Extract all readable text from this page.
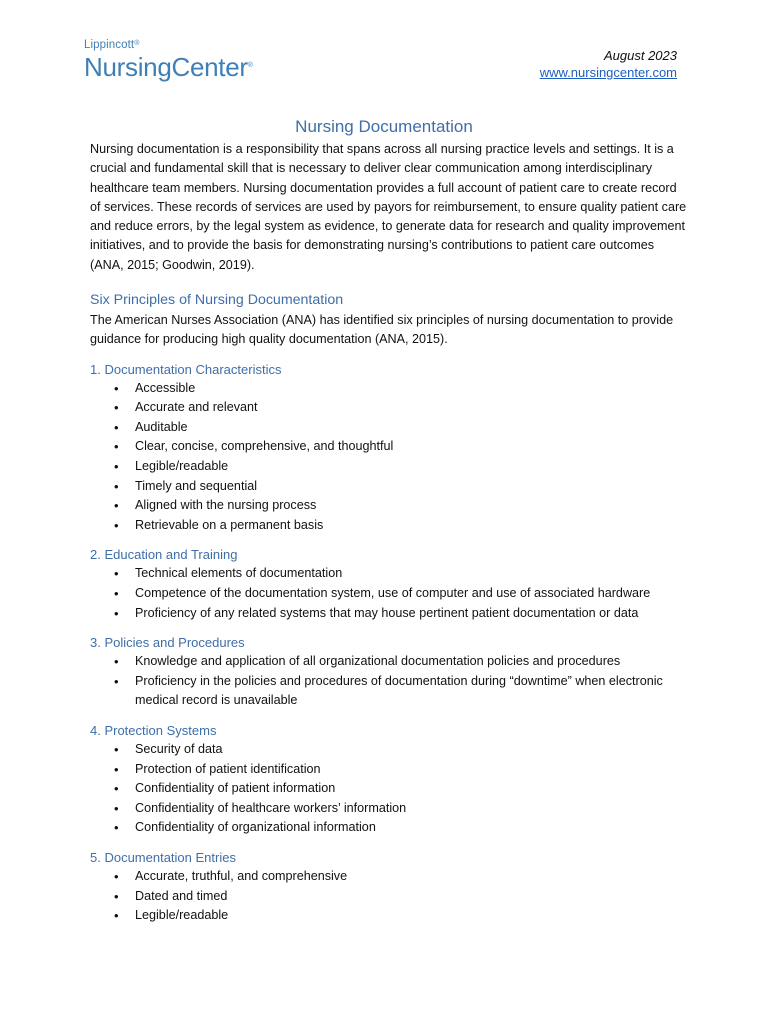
Lippincott®
NursingCenter®
August 2023
www.nursingcenter.com
Nursing Documentation

Nursing documentation is a responsibility that spans across all nursing practice levels and settings. It is a crucial and fundamental skill that is necessary to deliver clear communication among interdisciplinary healthcare team members. Nursing documentation provides a full account of patient care to create record of services. These records of services are used by payors for reimbursement, to ensure quality patient care and reduce errors, by the legal system as evidence, to generate data for research and quality improvement initiatives, and to provide the basis for demonstrating nursing’s contributions to patient care outcomes (ANA, 2015; Goodwin, 2019).

Six Principles of Nursing Documentation

The American Nurses Association (ANA) has identified six principles of nursing documentation to provide guidance for producing high quality documentation (ANA, 2015).

1. Documentation Characteristics
• Accessible
• Accurate and relevant
• Auditable
• Clear, concise, comprehensive, and thoughtful
• Legible/readable
• Timely and sequential
• Aligned with the nursing process
• Retrievable on a permanent basis
2. Education and Training
• Technical elements of documentation
• Competence of the documentation system, use of computer and use of associated hardware
• Proficiency of any related systems that may house pertinent patient documentation or data
3. Policies and Procedures
• Knowledge and application of all organizational documentation policies and procedures
• Proficiency in the policies and procedures of documentation during “downtime” when electronic medical record is unavailable
4. Protection Systems
• Security of data
• Protection of patient identification
• Confidentiality of patient information
• Confidentiality of healthcare workers’ information
• Confidentiality of organizational information
5. Documentation Entries
• Accurate, truthful, and comprehensive
• Dated and timed
• Legible/readable
